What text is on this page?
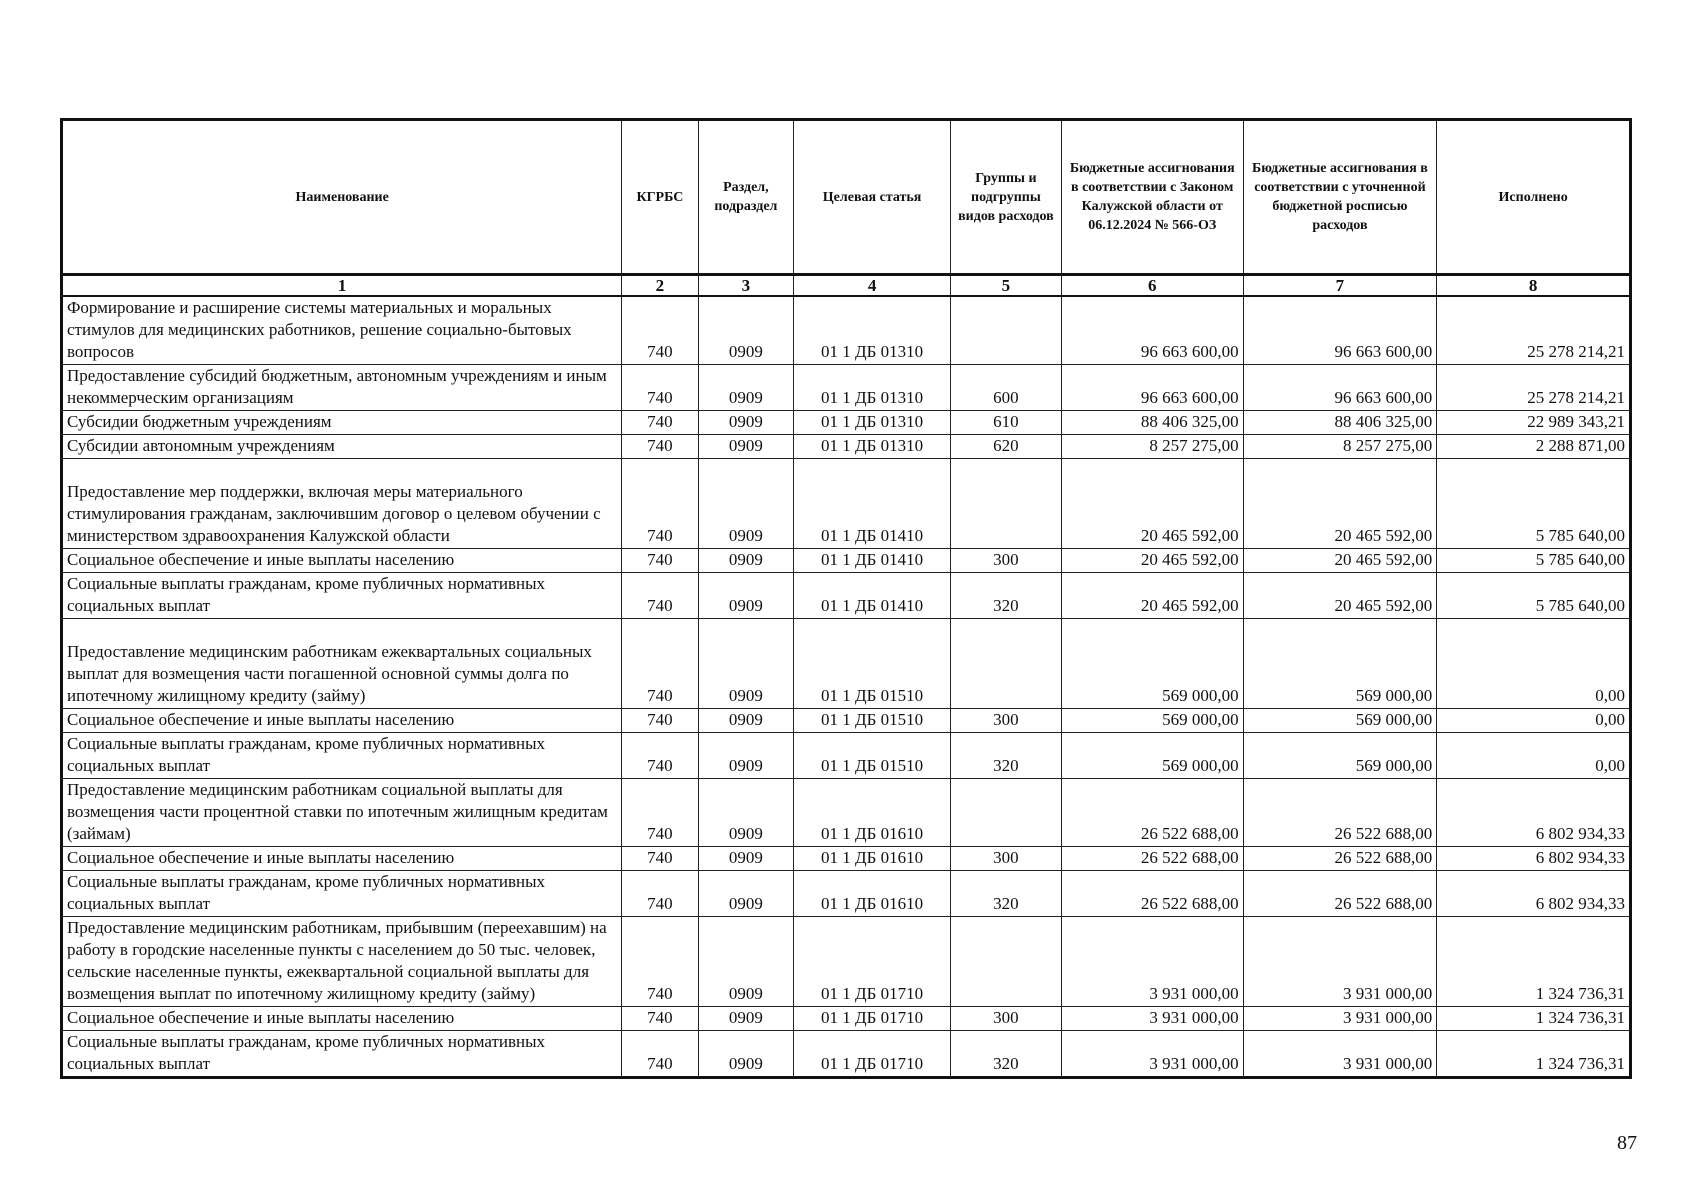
Наименование	КГРБС	Раздел, подраздел	Целевая статья	Группы и подгруппы видов расходов	Бюджетные ассигнования в соответствии с Законом Калужской области от 06.12.2024 № 566-ОЗ	Бюджетные ассигнования в соответствии с уточненной бюджетной росписью расходов	Исполнено
1	2	3	4	5	6	7	8
Формирование и расширение системы материальных и моральных стимулов для медицинских работников, решение социально-бытовых вопросов	740	0909	01 1 ДБ 01310		96 663 600,00	96 663 600,00	25 278 214,21
Предоставление субсидий бюджетным, автономным учреждениям и иным некоммерческим организациям	740	0909	01 1 ДБ 01310	600	96 663 600,00	96 663 600,00	25 278 214,21
Субсидии бюджетным учреждениям	740	0909	01 1 ДБ 01310	610	88 406 325,00	88 406 325,00	22 989 343,21
Субсидии автономным учреждениям	740	0909	01 1 ДБ 01310	620	8 257 275,00	8 257 275,00	2 288 871,00
Предоставление мер поддержки, включая меры материального стимулирования гражданам, заключившим договор о целевом обучении с министерством здравоохранения Калужской области	740	0909	01 1 ДБ 01410		20 465 592,00	20 465 592,00	5 785 640,00
Социальное обеспечение и иные выплаты населению	740	0909	01 1 ДБ 01410	300	20 465 592,00	20 465 592,00	5 785 640,00
Социальные выплаты гражданам, кроме публичных нормативных социальных выплат	740	0909	01 1 ДБ 01410	320	20 465 592,00	20 465 592,00	5 785 640,00
Предоставление медицинским работникам ежеквартальных социальных выплат для возмещения части погашенной основной суммы долга по ипотечному жилищному кредиту (займу)	740	0909	01 1 ДБ 01510		569 000,00	569 000,00	0,00
Социальное обеспечение и иные выплаты населению	740	0909	01 1 ДБ 01510	300	569 000,00	569 000,00	0,00
Социальные выплаты гражданам, кроме публичных нормативных социальных выплат	740	0909	01 1 ДБ 01510	320	569 000,00	569 000,00	0,00
Предоставление медицинским работникам социальной выплаты для возмещения части процентной ставки по ипотечным жилищным кредитам (займам)	740	0909	01 1 ДБ 01610		26 522 688,00	26 522 688,00	6 802 934,33
Социальное обеспечение и иные выплаты населению	740	0909	01 1 ДБ 01610	300	26 522 688,00	26 522 688,00	6 802 934,33
Социальные выплаты гражданам, кроме публичных нормативных социальных выплат	740	0909	01 1 ДБ 01610	320	26 522 688,00	26 522 688,00	6 802 934,33
Предоставление медицинским работникам, прибывшим (переехавшим) на работу в городские населенные пункты с населением до 50 тыс. человек, сельские населенные пункты, ежеквартальной социальной выплаты для возмещения выплат по ипотечному жилищному кредиту (займу)	740	0909	01 1 ДБ 01710		3 931 000,00	3 931 000,00	1 324 736,31
Социальное обеспечение и иные выплаты населению	740	0909	01 1 ДБ 01710	300	3 931 000,00	3 931 000,00	1 324 736,31
Социальные выплаты гражданам, кроме публичных нормативных социальных выплат	740	0909	01 1 ДБ 01710	320	3 931 000,00	3 931 000,00	1 324 736,31
87
